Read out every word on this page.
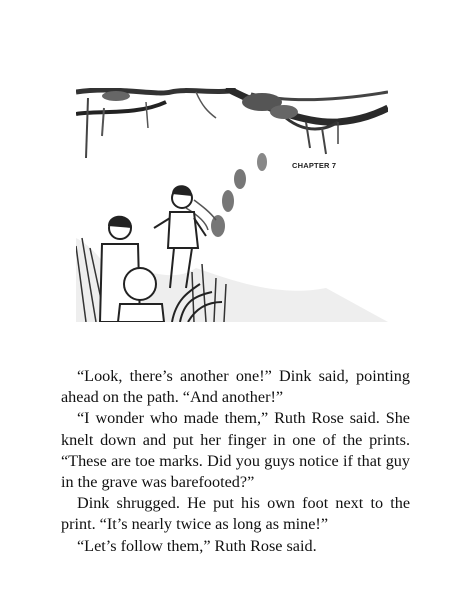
CHAPTER 7

“Look, there’s another one!” Dink said, pointing ahead on the path. “And another!”

“I wonder who made them,” Ruth Rose said. She knelt down and put her finger in one of the prints. “These are toe marks. Did you guys notice if that guy in the grave was barefooted?”

Dink shrugged. He put his own foot next to the print. “It’s nearly twice as long as mine!”

“Let’s follow them,” Ruth Rose said.
